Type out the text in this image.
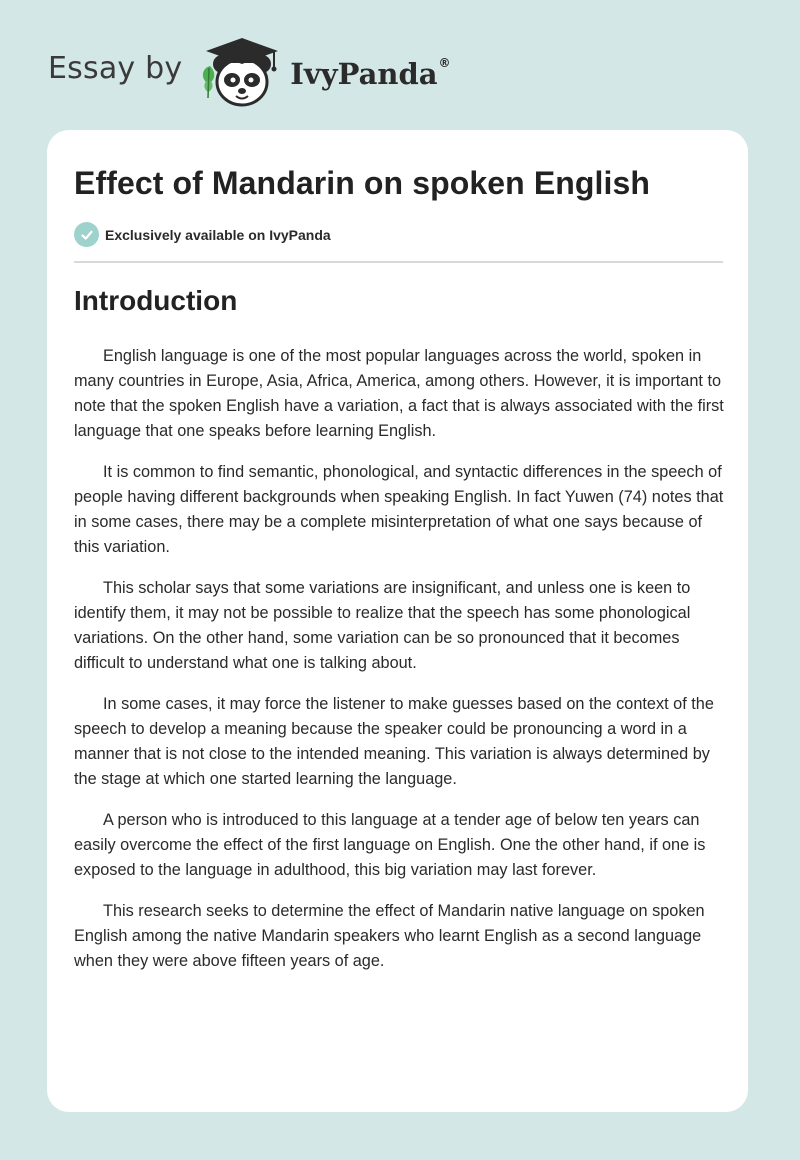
Essay by	IvyPanda®
Effect of Mandarin on spoken English
Exclusively available on IvyPanda
Introduction

English language is one of the most popular languages across the world, spoken in many countries in Europe, Asia, Africa, America, among others. However, it is important to note that the spoken English have a variation, a fact that is always associated with the first language that one speaks before learning English.

It is common to find semantic, phonological, and syntactic differences in the speech of people having different backgrounds when speaking English. In fact Yuwen (74) notes that in some cases, there may be a complete misinterpretation of what one says because of this variation.

This scholar says that some variations are insignificant, and unless one is keen to identify them, it may not be possible to realize that the speech has some phonological variations. On the other hand, some variation can be so pronounced that it becomes difficult to understand what one is talking about.

In some cases, it may force the listener to make guesses based on the context of the speech to develop a meaning because the speaker could be pronouncing a word in a manner that is not close to the intended meaning. This variation is always determined by the stage at which one started learning the language.

A person who is introduced to this language at a tender age of below ten years can easily overcome the effect of the first language on English. One the other hand, if one is exposed to the language in adulthood, this big variation may last forever.

This research seeks to determine the effect of Mandarin native language on spoken English among the native Mandarin speakers who learnt English as a second language when they were above fifteen years of age.
